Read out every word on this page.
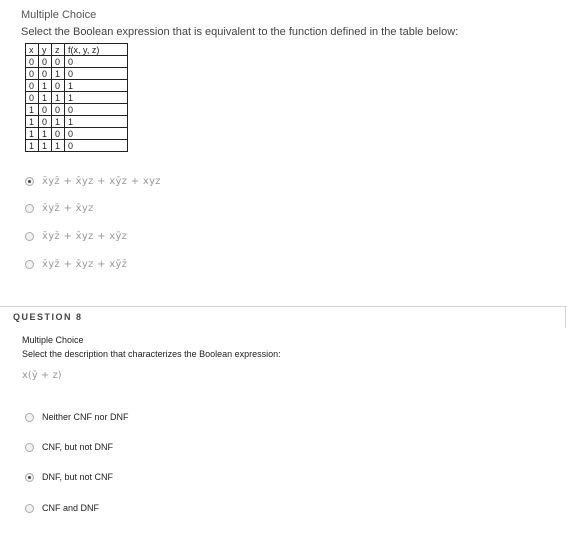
Multiple Choice
Select the Boolean expression that is equivalent to the function defined in the table below:
x	y	z	f(x, y, z)
0	0	0	0
0	0	1	0
0	1	0	1
0	1	1	1
1	0	0	0
1	0	1	1
1	1	0	0
1	1	1	0
x̄yz̄ + x̄yz + xȳz + xyz
x̄yz̄ + x̄yz
x̄yz̄ + x̄yz + xȳz
x̄yz̄ + x̄yz + xȳz̄
QUESTION 8
Multiple Choice
Select the description that characterizes the Boolean expression:
x(ȳ + z)
Neither CNF nor DNF
CNF, but not DNF
DNF, but not CNF
CNF and DNF
